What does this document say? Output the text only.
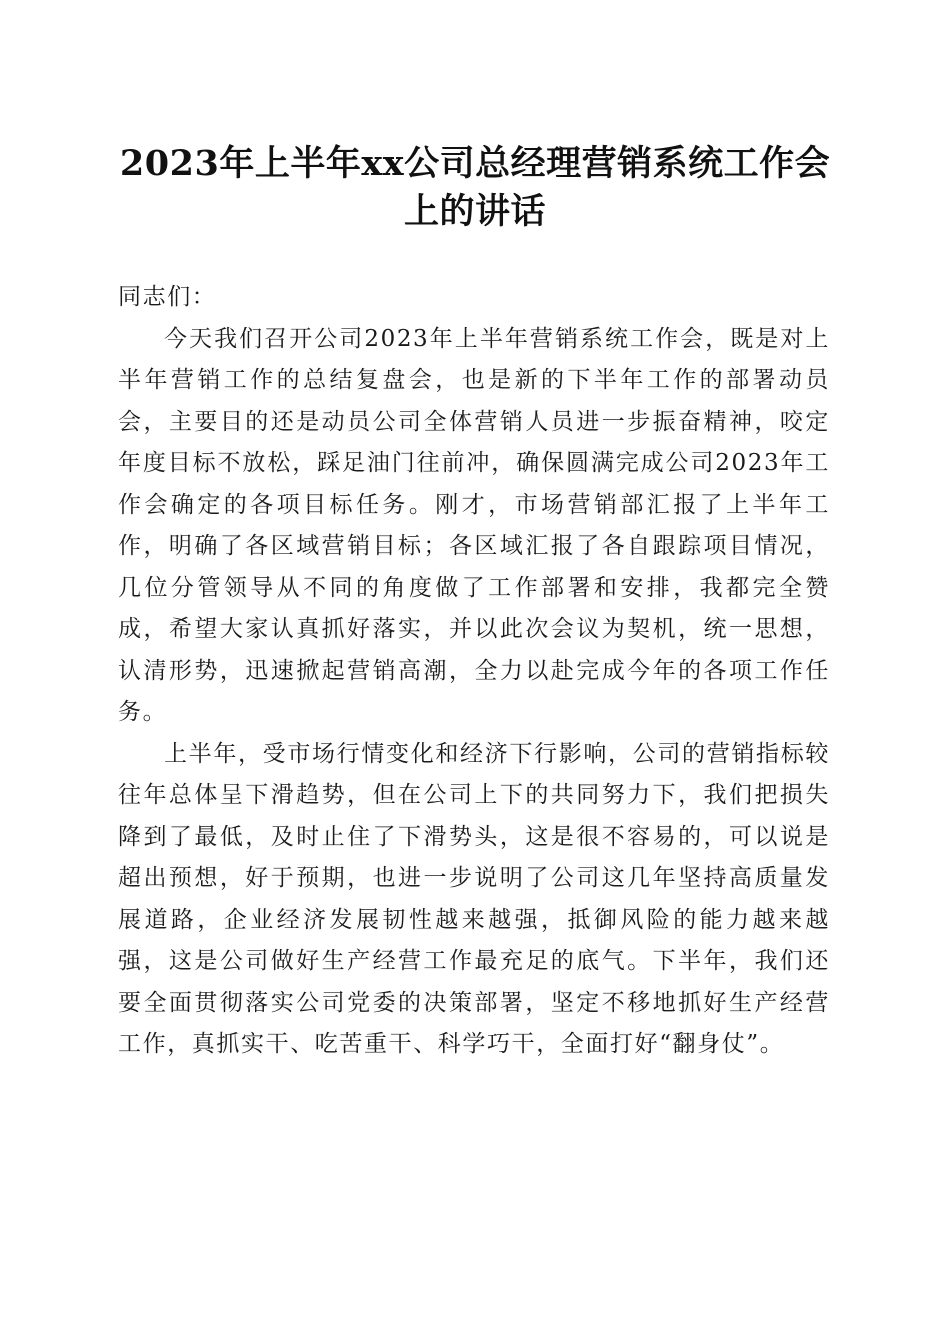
2023年上半年xx公司总经理营销系统工作会上的讲话

同志们：

今天我们召开公司2023年上半年营销系统工作会，既是对上半年营销工作的总结复盘会，也是新的下半年工作的部署动员会，主要目的还是动员公司全体营销人员进一步振奋精神，咬定年度目标不放松，踩足油门往前冲，确保圆满完成公司2023年工作会确定的各项目标任务。刚才，市场营销部汇报了上半年工作，明确了各区域营销目标；各区域汇报了各自跟踪项目情况，几位分管领导从不同的角度做了工作部署和安排，我都完全赞成，希望大家认真抓好落实，并以此次会议为契机，统一思想，认清形势，迅速掀起营销高潮，全力以赴完成今年的各项工作任务。

上半年，受市场行情变化和经济下行影响，公司的营销指标较往年总体呈下滑趋势，但在公司上下的共同努力下，我们把损失降到了最低，及时止住了下滑势头，这是很不容易的，可以说是超出预想，好于预期，也进一步说明了公司这几年坚持高质量发展道路，企业经济发展韧性越来越强，抵御风险的能力越来越强，这是公司做好生产经营工作最充足的底气。下半年，我们还要全面贯彻落实公司党委的决策部署，坚定不移地抓好生产经营工作，真抓实干、吃苦重干、科学巧干，全面打好“翻身仗”。
